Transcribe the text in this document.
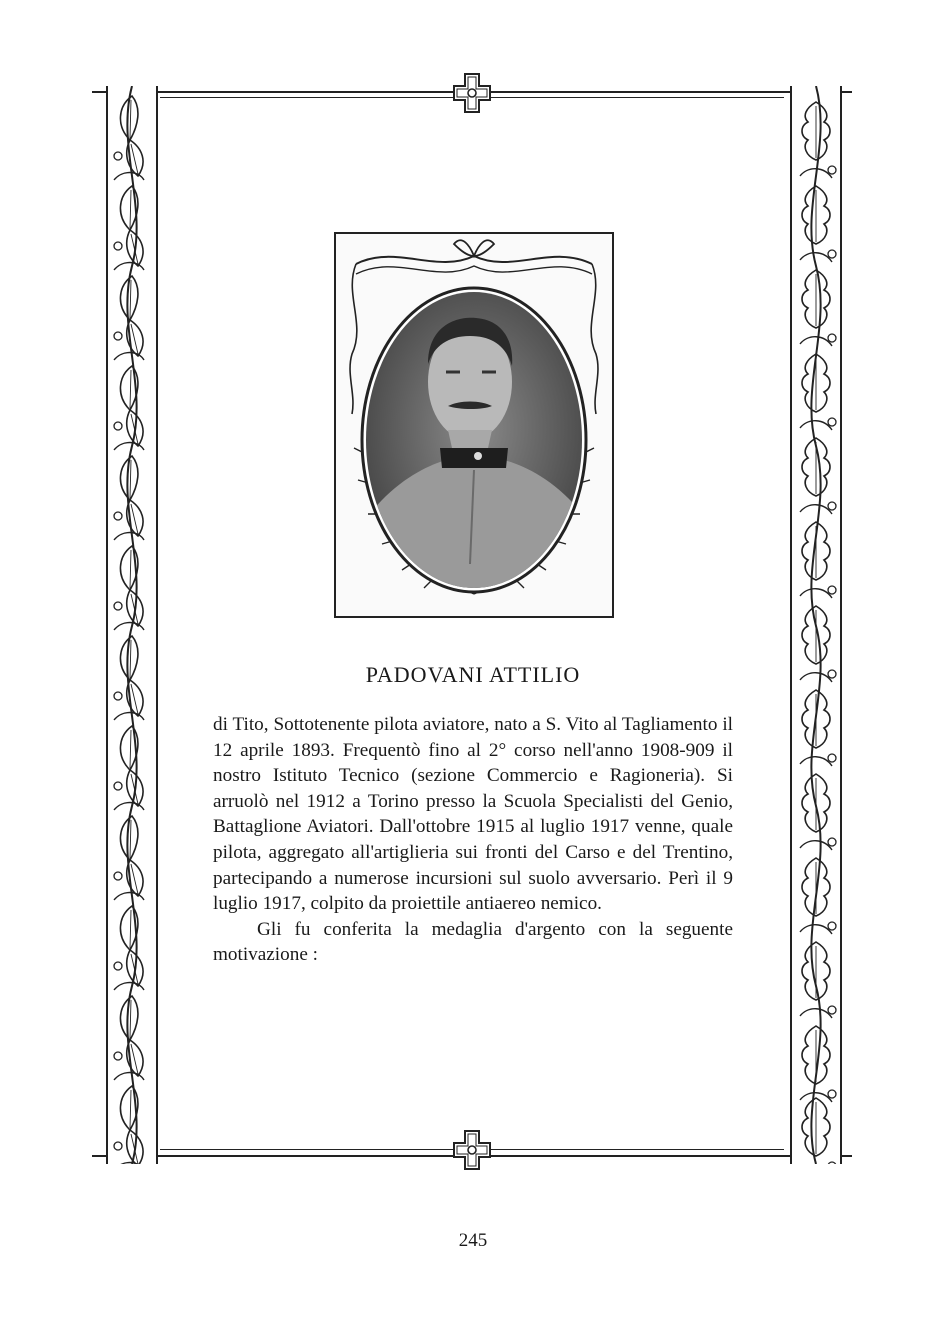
PADOVANI ATTILIO

di Tito, Sottotenente pilota aviatore, nato a S. Vito al Tagliamento il 12 aprile 1893. Frequentò fino al 2° corso nell'anno 1908-909 il nostro Istituto Tecnico (sezione Commercio e Ragioneria). Si arruolò nel 1912 a Torino presso la Scuola Specialisti del Genio, Battaglione Aviatori. Dall'ottobre 1915 al luglio 1917 venne, quale pilota, aggregato all'artiglieria sui fronti del Carso e del Trentino, partecipando a numerose incursioni sul suolo avversario. Perì il 9 luglio 1917, colpito da proiettile antiaereo nemico.

Gli fu conferita la medaglia d'argento con la seguente motivazione :

245
